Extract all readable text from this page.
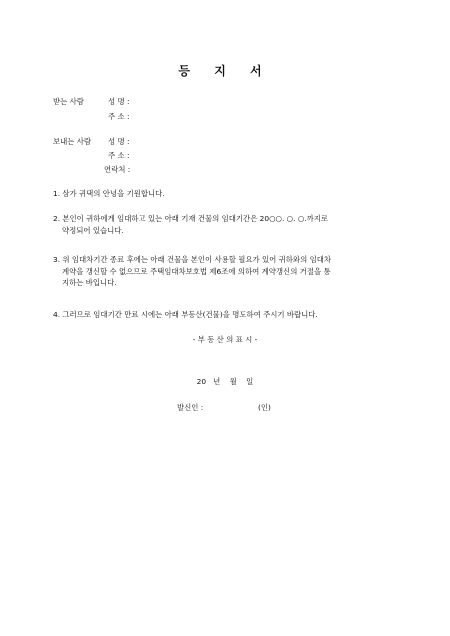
등 지 서
받는 사람	성 명 :
주 소 :
보내는 사람 성 명 :
주 소 :
연락처 :
1. 삼가 귀댁의 안녕을 기원합니다.
2. 본인이 귀하에게 임대하고 있는 아래 기재 건물의 임대기간은 20○○. ○. ○.까지로
약정되어 있습니다.
3. 위 임대차기간 종료 후에는 아래 건물을 본인이 사용할 필요가 있어 귀하와의 임대차
계약을 갱신할 수 없으므로 주택임대차보호법 제6조에 의하여 계약갱신의 거절을 통
지하는 바입니다.
4. 그러므로 임대기간 만료 시에는 아래 부동산(건물)을 명도하여 주시기 바랍니다.
- 부 동 산 의 표 시 -
20   년    월    일
발신인 :	(인)
